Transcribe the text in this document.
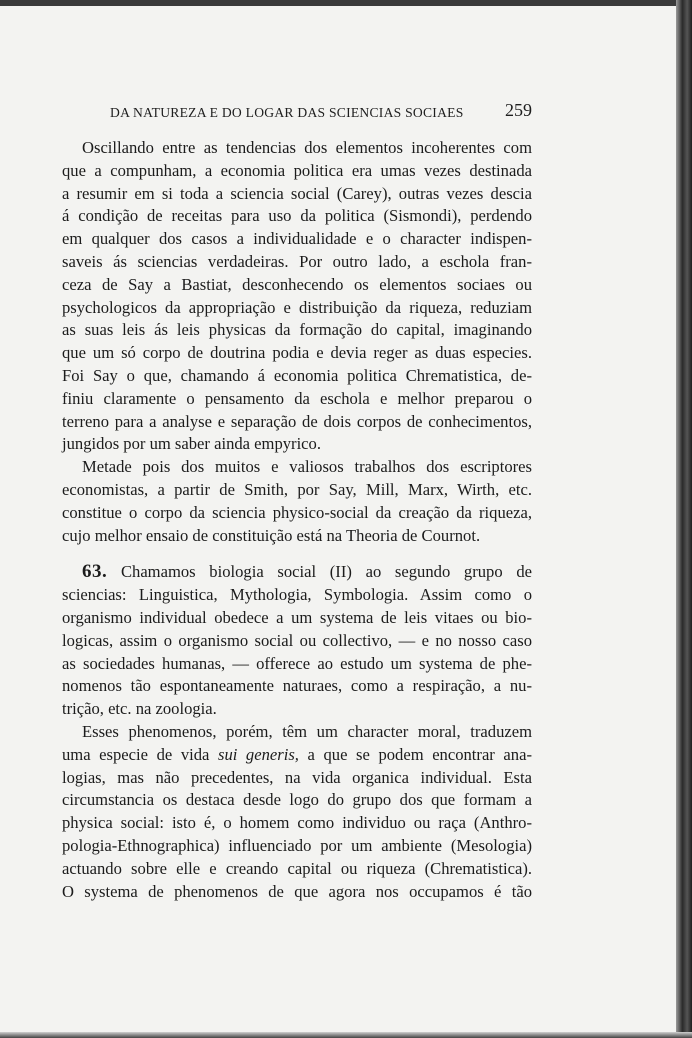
DA NATUREZA E DO LOGAR DAS SCIENCIAS SOCIAES 259
Oscillando entre as tendencias dos elementos incoherentes com
que a compunham, a economia politica era umas vezes destinada
a resumir em si toda a sciencia social (Carey), outras vezes descia
á condição de receitas para uso da politica (Sismondi), perdendo
em qualquer dos casos a individualidade e o character indispen-
saveis ás sciencias verdadeiras. Por outro lado, a eschola fran-
ceza de Say a Bastiat, desconhecendo os elementos sociaes ou
psychologicos da appropriação e distribuição da riqueza, reduziam
as suas leis ás leis physicas da formação do capital, imaginando
que um só corpo de doutrina podia e devia reger as duas especies.
Foi Say o que, chamando á economia politica Chrematistica, de-
finiu claramente o pensamento da eschola e melhor preparou o
terreno para a analyse e separação de dois corpos de conhecimentos,
jungidos por um saber ainda empyrico.
Metade pois dos muitos e valiosos trabalhos dos escriptores
economistas, a partir de Smith, por Say, Mill, Marx, Wirth, etc.
constitue o corpo da sciencia physico-social da creação da riqueza,
cujo melhor ensaio de constituição está na Theoria de Cournot.
63. Chamamos biologia social (II) ao segundo grupo de
sciencias: Linguistica, Mythologia, Symbologia. Assim como o
organismo individual obedece a um systema de leis vitaes ou bio-
logicas, assim o organismo social ou collectivo, — e no nosso caso
as sociedades humanas, — offerece ao estudo um systema de phe-
nomenos tão espontaneamente naturaes, como a respiração, a nu-
trição, etc. na zoologia.
Esses phenomenos, porém, têm um character moral, traduzem
uma especie de vida sui generis, a que se podem encontrar ana-
logias, mas não precedentes, na vida organica individual. Esta
circumstancia os destaca desde logo do grupo dos que formam a
physica social: isto é, o homem como individuo ou raça (Anthro-
pologia-Ethnographica) influenciado por um ambiente (Mesologia)
actuando sobre elle e creando capital ou riqueza (Chrematistica).
O systema de phenomenos de que agora nos occupamos é tão
